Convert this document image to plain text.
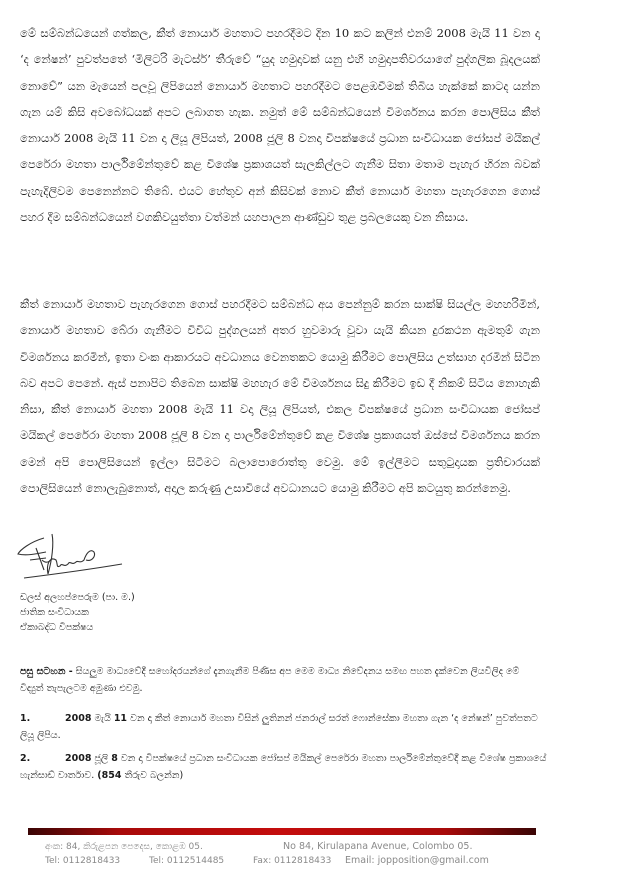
මේ සම්බන්ධයෙන් ගත්කල, කීත් නොයාර් මහතාට පහරදීමට දින 10 කට කලින් එනම් 2008 මැයි 11 වන දා ‘ද නේෂන්’ පුවත්පතේ ‘මිලිටරි මැටස්ර්’ තීරුවේ “යුද හමුදාවක් යනු එහි හමුදාපතිවරයාගේ පුද්ගලික බූදලයක් නොවේ” යන මැයෙන් පලවූ ලිපියෙන් නොයාර් මහතාට පහරදීමට පෙළඹවීමක් තිබිය හැක්කේ කාටද යන්න ගැන යම් කිසි අවබෝධයක් අපට ලබාගත හැක. නමුත් මේ සම්බන්ධයෙන් විමර්ශනය කරන පොලිසිය කීත් නොයාර් 2008 මැයි 11 වන දා ලියූ ලිපියත්, 2008 ජූලි 8 වනදා විපක්ෂයේ ප්‍රධාන සංවිධායක ජෝසප් මයිකල් පෙරේරා මහතා පාර්ලිමේන්තුවේ කළ විශේෂ ප්‍රකාශයත් සැලකිල්ලට ගැනීම සිතා මතාම පැහැර හිරන බවක් පැහැදිලිවම පෙනෙන්නට තිබේ. එයට හේතුව අන් කිසිවක් නොව කීත් නොයාර් මහතා පැහැරගෙන ගොස් පහර දීම සම්බන්ධයෙන් වගකිවයුත්තා වත්මන් යහපාලන ආණ්ඩුව තුළ ප්‍රබලයෙකු වන නිසාය.

කීත් නොයාර් මහතාව පැහැරගෙන ගොස් පහරදීමට සම්බන්ධ අය පෙන්නුම් කරන සාක්ෂි සියල්ල මහහරිමින්, නොයාර් මහතාව බේරා ගැනීමට විවිධ පුද්ගලයන් අතර හුවමාරු වූවා යැයි කියන දුරකථන ඇමතුම් ගැන විමර්ශනය කරමින්, ඉතා වංක ආකාරයට අවධානය වෙනතකට යොමු කිරීමට පොලිසිය උත්සාහ දරමින් සිටින බව අපට පෙනේ. ඇස් පනාපිට තිබෙන සාක්ෂි මහහැර මේ විමර්ශනය සිදු කිරීමට ඉඩ දී නිකම් සිටිය නොහැකි නිසා, කීත් නොයාර් මහතා 2008 මැයි 11 වදා ලියූ ලිපියත්, එකල විපක්ෂයේ ප්‍රධාන සංවිධායක ජෝසප් මයිකල් පෙරේරා මහතා 2008 ජූලි 8 වන දා පාර්ලිමේන්තුවේ කළ විශේෂ ප්‍රකාශයත් ඔස්සේ විමර්ශනය කරන මෙන් අපි පොලිසියෙන් ඉල්ලා සිටීමට බලාපොරොත්තු වෙමු. මේ ඉල්ලීමට සතුටුදායක ප්‍රතිචාරයක් පොලිසියෙන් නොලැබුනොත්, අදාල කරුණු උසාවියේ අවධානයට යොමු කිරීමට අපි කටයුතු කරන්නෙමු.

ඩලස් අලහප්පෙරුම (පා. ම.)
ජාතික සංවිධායක
ඒකාබද්ධ විපක්ෂය
පසු සටහන - සියලුම මාධ්‍යවේදී සහෝදරයන්ගේ දැනගැනීම පිණිස අප මෙම මාධ්‍ය නිවේදනය සමඟ පහත දැක්වෙන ලියවිලිද මේ විද්‍යුත් තැපැලටම අමුණා එවමු.
1.	2008 මැයි 11 වන දා කීත් නොයාර් මහතා විසින් ලුතිනන් ජනරාල් සරත් ෆොන්සේකා මහතා ගැන ‘ද නේෂන්’ පුවත්පතට ලියූ ලිපිය.
2.	2008 ජූලි 8 වන දා විපක්ෂයේ ප්‍රධාන සංවිධායක ජෝසප් මයිකල් පෙරේරා මහතා පාර්ලිමේන්තුවේදී කළ විශේෂ ප්‍රකාශයේ හැන්සාඩ් වාර්තාව. (854 තීරුව බලන්න)
අංක: 84, කිරුළපන පෙදෙස, කොළඹ 05.	No 84, Kirulapana Avenue, Colombo 05.
Tel: 0112818433	Tel: 0112514485	Fax: 0112818433 Email: jopposition@gmail.com
